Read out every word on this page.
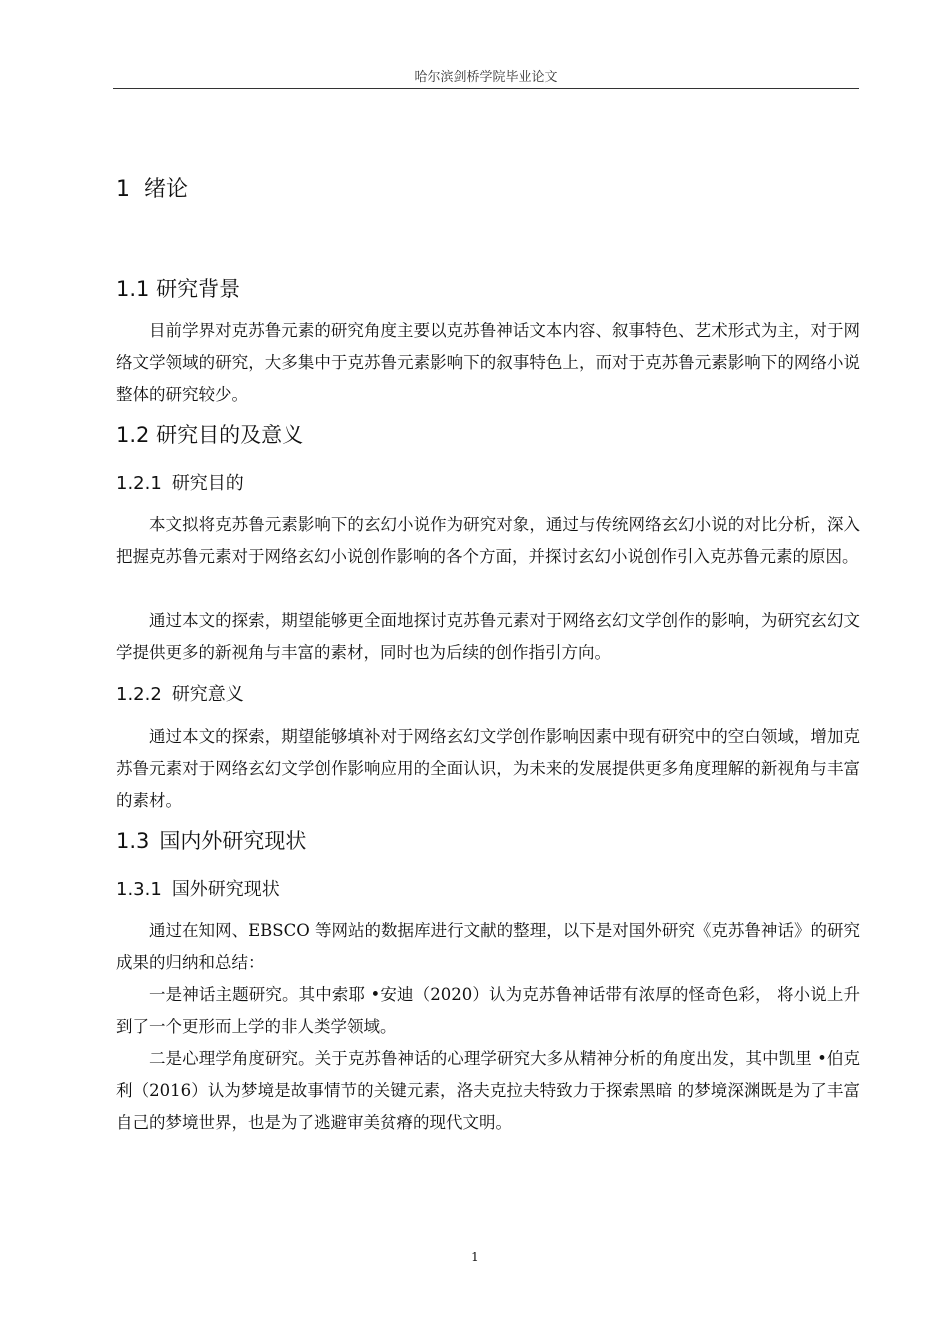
哈尔滨剑桥学院毕业论文
1 绪论
1.1 研究背景
目前学界对克苏鲁元素的研究角度主要以克苏鲁神话文本内容、叙事特色、艺术形式为主，对于网络文学领域的研究，大多集中于克苏鲁元素影响下的叙事特色上，而对于克苏鲁元素影响下的网络小说整体的研究较少。
1.2 研究目的及意义
1.2.1 研究目的
本文拟将克苏鲁元素影响下的玄幻小说作为研究对象，通过与传统网络玄幻小说的对比分析，深入把握克苏鲁元素对于网络玄幻小说创作影响的各个方面，并探讨玄幻小说创作引入克苏鲁元素的原因。
通过本文的探索，期望能够更全面地探讨克苏鲁元素对于网络玄幻文学创作的影响，为研究玄幻文学提供更多的新视角与丰富的素材，同时也为后续的创作指引方向。
1.2.2 研究意义
通过本文的探索，期望能够填补对于网络玄幻文学创作影响因素中现有研究中的空白领域，增加克苏鲁元素对于网络玄幻文学创作影响应用的全面认识，为未来的发展提供更多角度理解的新视角与丰富的素材。
1.3 国内外研究现状
1.3.1 国外研究现状
通过在知网、EBSCO 等网站的数据库进行文献的整理，以下是对国外研究《克苏鲁神话》的研究成果的归纳和总结：
一是神话主题研究。其中索耶 •安迪（2020）认为克苏鲁神话带有浓厚的怪奇色彩， 将小说上升到了一个更形而上学的非人类学领域。
二是心理学角度研究。关于克苏鲁神话的心理学研究大多从精神分析的角度出发，其中凯里 •伯克利（2016）认为梦境是故事情节的关键元素，洛夫克拉夫特致力于探索黑暗 的梦境深渊既是为了丰富自己的梦境世界，也是为了逃避审美贫瘠的现代文明。
1
